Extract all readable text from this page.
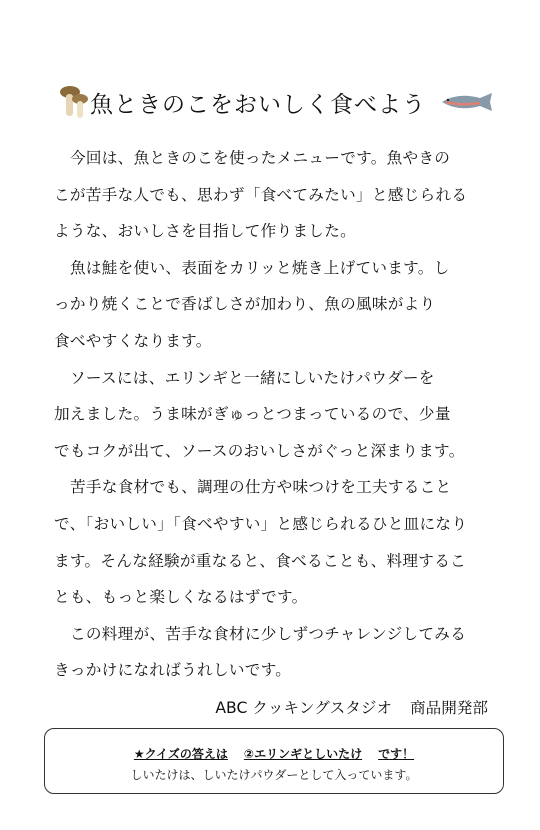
魚ときのこをおいしく食べよう
今回は、魚ときのこを使ったメニューです。魚やきの
こが苦手な人でも、思わず「食べてみたい」と感じられる
ような、おいしさを目指して作りました。
魚は鮭を使い、表面をカリッと焼き上げています。し
っかり焼くことで香ばしさが加わり、魚の風味がより
食べやすくなります。
ソースには、エリンギと一緒にしいたけパウダーを
加えました。うま味がぎゅっとつまっているので、少量
でもコクが出て、ソースのおいしさがぐっと深まります。
苦手な食材でも、調理の仕方や味つけを工夫すること
で、「おいしい」「食べやすい」と感じられるひと皿になり
ます。そんな経験が重なると、食べることも、料理するこ
とも、もっと楽しくなるはずです。
この料理が、苦手な食材に少しずつチャレンジしてみる
きっかけになればうれしいです。
ABC クッキングスタジオ 商品開発部
★クイズの答えは ②エリンギとしいたけ です！
しいたけは、しいたけパウダーとして入っています。
